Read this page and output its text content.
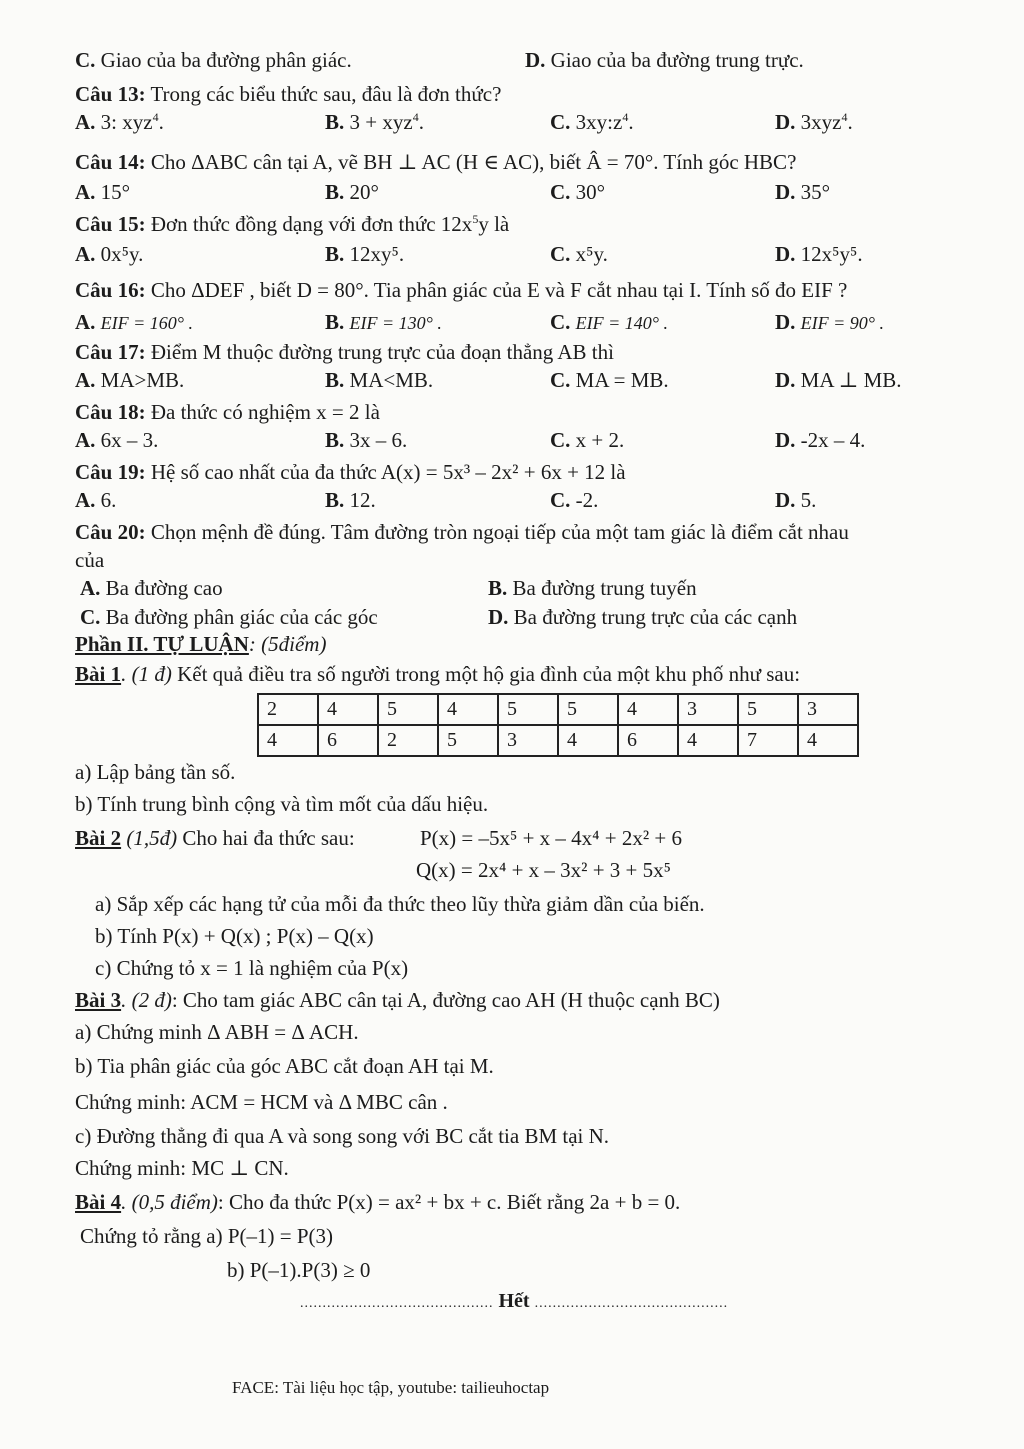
C. Giao của ba đường phân giác.	D. Giao của ba đường trung trực.
Câu 13: Trong các biểu thức sau, đâu là đơn thức?
A. 3: xyz$^4$.	B. 3 + xyz$^4$.	C. $3xy:z^4$.	D. 3xyz$^4$.
Câu 14: Cho ΔABC cân tại A, vẽ BH ⊥ AC (H ∈ AC), biết Â = 70°. Tính góc HBC?
A. 15°	B. 20°	C. 30°	D. 35°
Câu 15: Đơn thức đồng dạng với đơn thức $12x^5y$ là
A. 0x⁵y.	B. 12xy⁵.	C. x⁵y.	D. 12x⁵y⁵.
Câu 16: Cho ΔDEF , biết D = 80°. Tia phân giác của E và F cắt nhau tại I. Tính số đo EIF ?
A. EIF = 160° .	B. EIF = 130° .	C. EIF = 140° .	D. EIF = 90° .
Câu 17: Điểm M thuộc đường trung trực của đoạn thẳng AB thì
A. MA>MB.	B. MA<MB.	C. MA = MB.	D. MA ⊥ MB.
Câu 18: Đa thức có nghiệm x = 2 là
A. 6x – 3.	B. 3x – 6.	C. x + 2.	D. -2x – 4.
Câu 19: Hệ số cao nhất của đa thức A(x) = 5x³ – 2x² + 6x + 12 là
A. 6.	B. 12.	C. -2.	D. 5.
Câu 20: Chọn mệnh đề đúng. Tâm đường tròn ngoại tiếp của một tam giác là điểm cắt nhau
của
A. Ba đường cao	B. Ba đường trung tuyến
C. Ba đường phân giác của các góc	D. Ba đường trung trực của các cạnh
Phần II. TỰ LUẬN: (5điểm)
Bài 1. (1 đ) Kết quả điều tra số người trong một hộ gia đình của một khu phố như sau:
2	4	5	4	5	5	4	3	5	3
4	6	2	5	3	4	6	4	7	4
a) Lập bảng tần số.
b) Tính trung bình cộng và tìm mốt của dấu hiệu.
Bài 2 (1,5đ) Cho hai đa thức sau:	P(x) = –5x⁵ + x – 4x⁴ + 2x² + 6
Q(x) = 2x⁴ + x – 3x² + 3 + 5x⁵
a) Sắp xếp các hạng tử của mỗi đa thức theo lũy thừa giảm dần của biến.
b) Tính P(x) + Q(x) ; P(x) – Q(x)
c) Chứng tỏ x = 1 là nghiệm của P(x)
Bài 3. (2 đ): Cho tam giác ABC cân tại A, đường cao AH (H thuộc cạnh BC)
a) Chứng minh Δ ABH = Δ ACH.
b) Tia phân giác của góc ABC cắt đoạn AH tại M.
Chứng minh: ACM = HCM và Δ MBC cân .
c) Đường thẳng đi qua A và song song với BC cắt tia BM tại N.
Chứng minh: MC ⊥ CN.
Bài 4. (0,5 điểm): Cho đa thức P(x) = ax² + bx + c. Biết rằng 2a + b = 0.
Chứng tỏ rằng a) P(–1) = P(3)
b) P(–1).P(3) ≥ 0
........................................... Hết ...........................................
FACE: Tài liệu học tập, youtube: tailieuhoctap
